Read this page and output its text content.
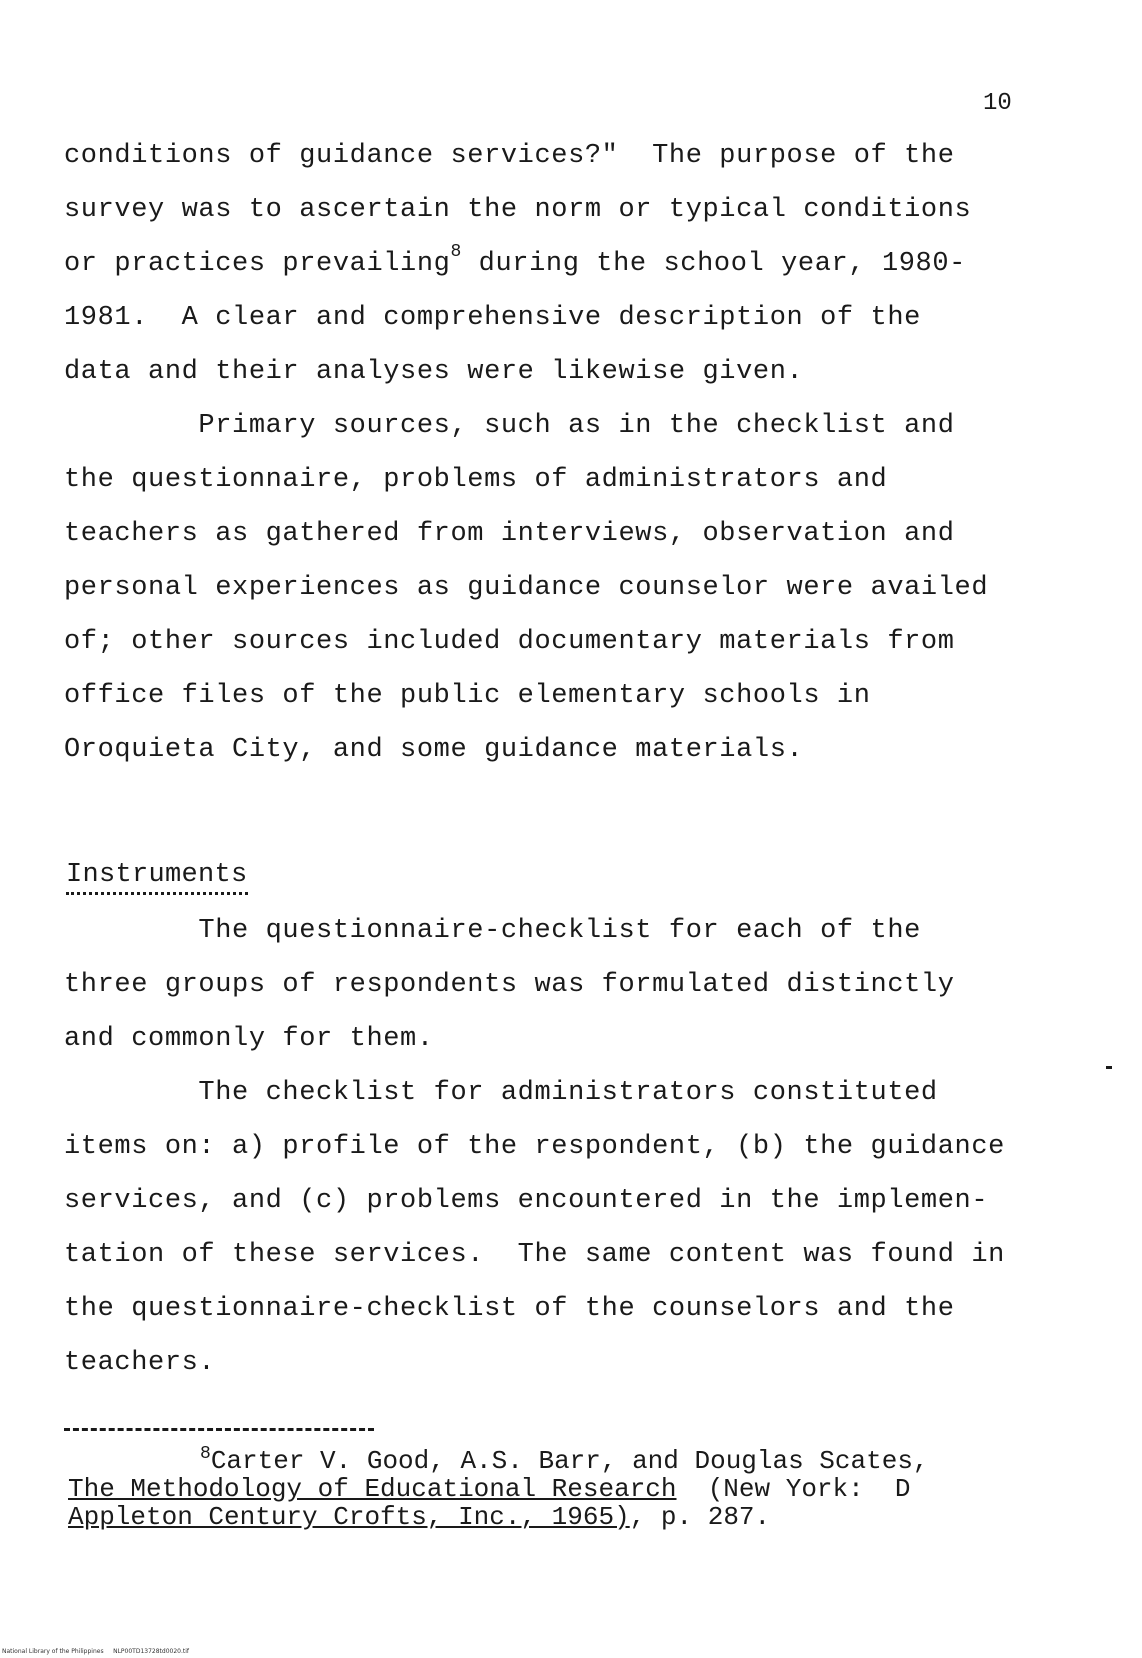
10
conditions of guidance services?"  The purpose of the
survey was to ascertain the norm or typical conditions
or practices prevailing$^8$ during the school year, 1980-
1981.  A clear and comprehensive description of the
data and their analyses were likewise given.
Primary sources, such as in the checklist and
the questionnaire, problems of administrators and
teachers as gathered from interviews, observation and
personal experiences as guidance counselor were availed
of; other sources included documentary materials from
office files of the public elementary schools in
Oroquieta City, and some guidance materials.
Instruments
The questionnaire-checklist for each of the
three groups of respondents was formulated distinctly
and commonly for them.
The checklist for administrators constituted
items on: a) profile of the respondent, (b) the guidance
services, and (c) problems encountered in the implemen-
tation of these services.  The same content was found in
the questionnaire-checklist of the counselors and the
teachers.
$^8$Carter V. Good, A.S. Barr, and Douglas Scates,
The Methodology of Educational Research  (New York:  D
Appleton Century Crofts, Inc., 1965), p. 287.
National Library of the Philippines     NLP00TD13728td0020.tif
